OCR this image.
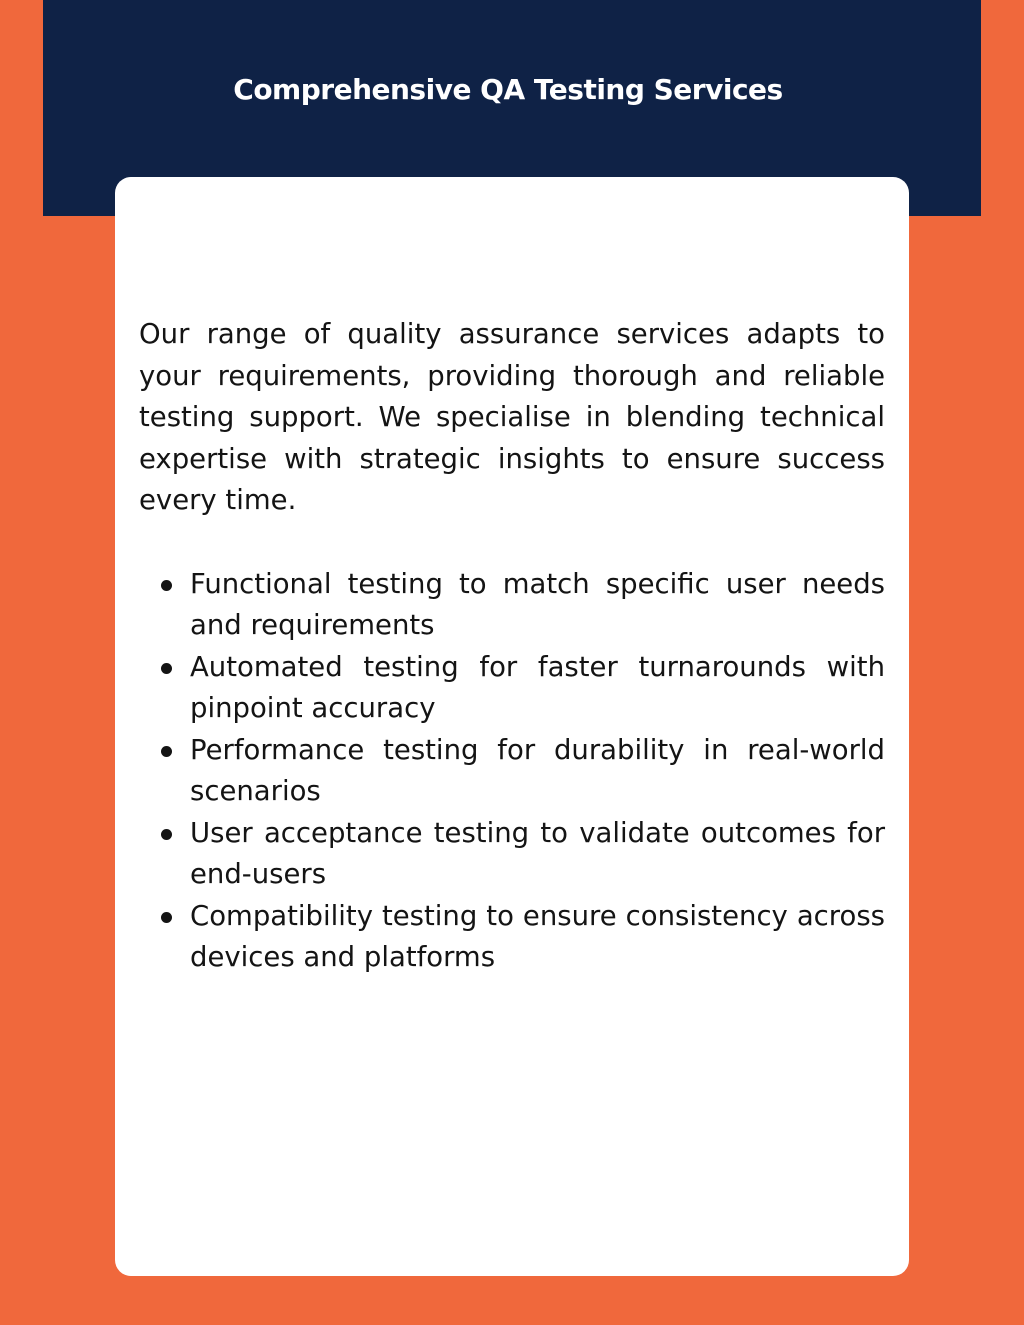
Comprehensive QA Testing Services

Our range of quality assurance services adapts to your requirements, providing thorough and reliable testing support. We specialise in blending technical expertise with strategic insights to ensure success every time.

Functional testing to match specific user needs and requirements
Automated testing for faster turnarounds with pinpoint accuracy
Performance testing for durability in real-world scenarios
User acceptance testing to validate outcomes for end-users
Compatibility testing to ensure consistency across devices and platforms
